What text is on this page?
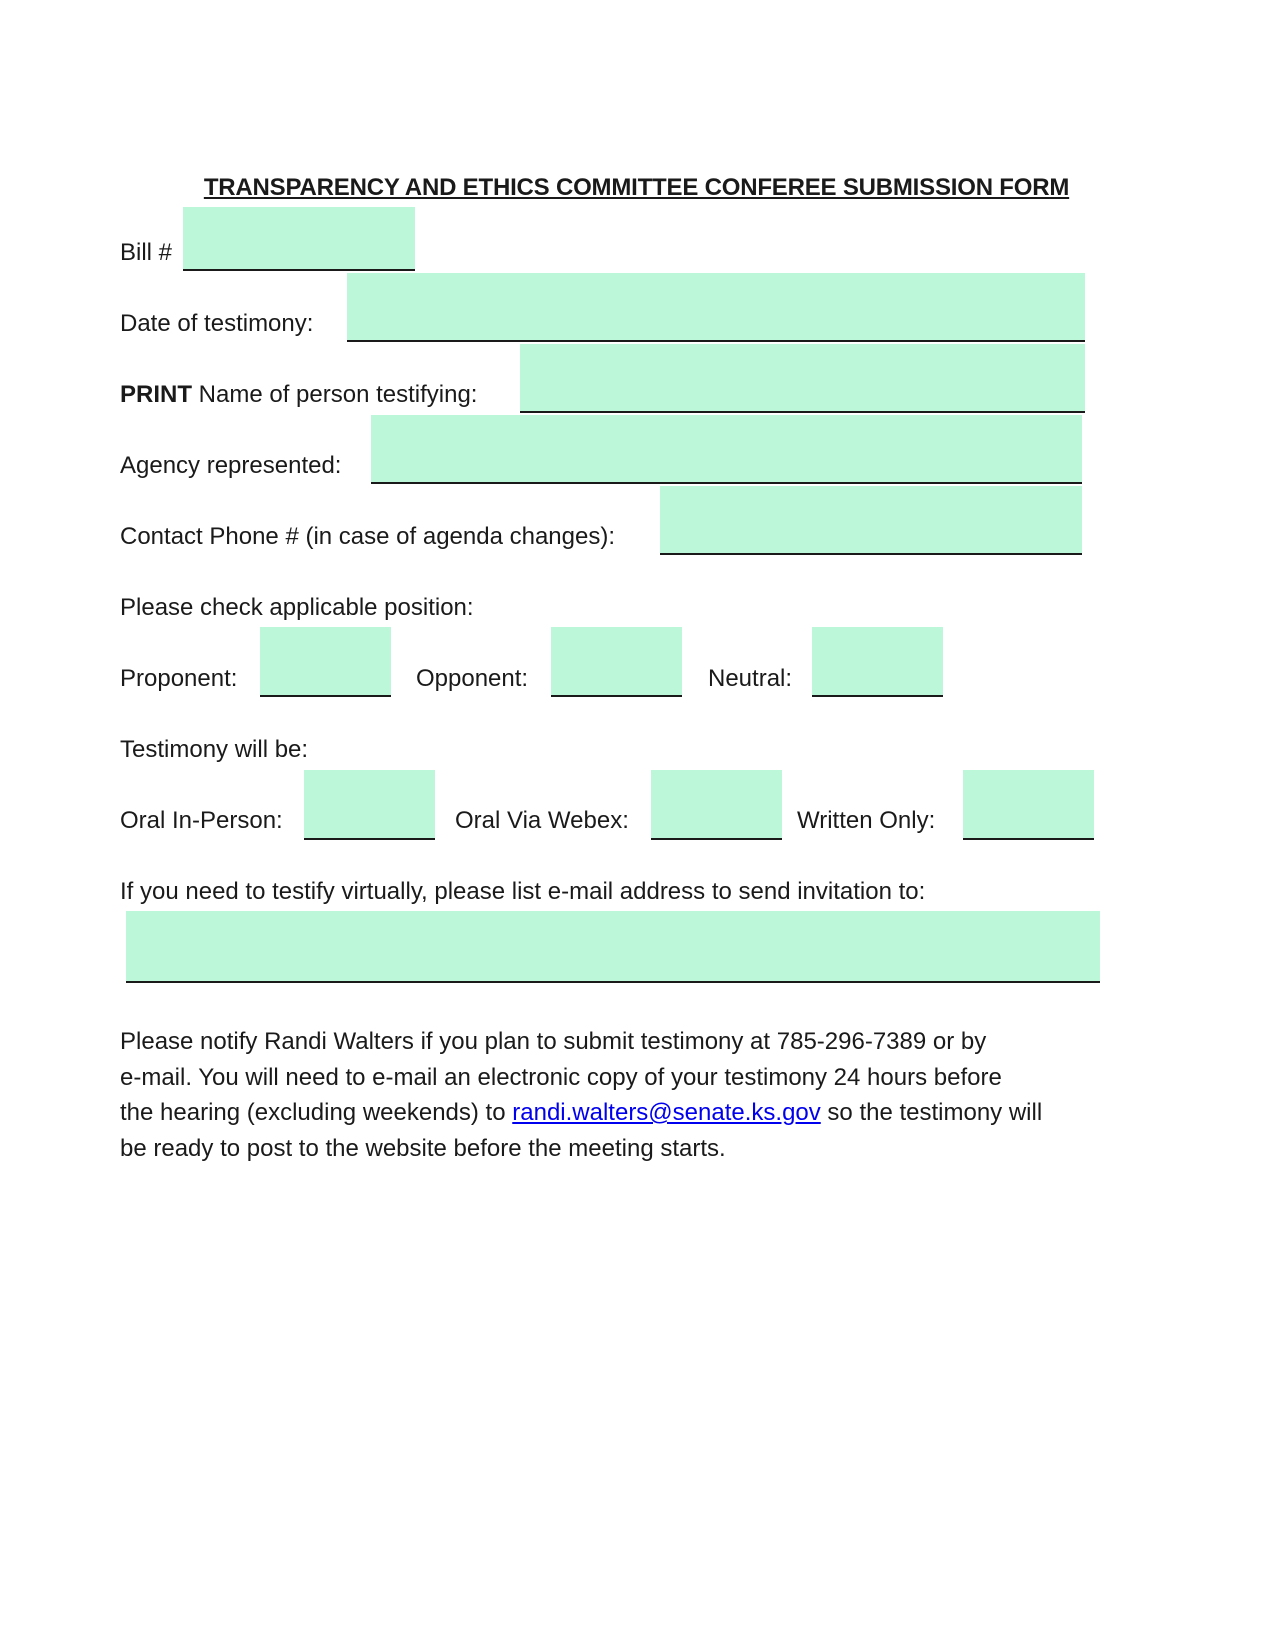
TRANSPARENCY AND ETHICS COMMITTEE CONFEREE SUBMISSION FORM
Bill #
Date of testimony:
PRINT Name of person testifying:
Agency represented:
Contact Phone # (in case of agenda changes):
Please check applicable position:
Proponent:	Opponent:	Neutral:
Testimony will be:
Oral In-Person:	Oral Via Webex:	Written Only:
If you need to testify virtually, please list e-mail address to send invitation to:
Please notify Randi Walters if you plan to submit testimony at 785-296-7389 or by
e-mail. You will need to e-mail an electronic copy of your testimony 24 hours before
the hearing (excluding weekends) to randi.walters@senate.ks.gov so the testimony will
be ready to post to the website before the meeting starts.
